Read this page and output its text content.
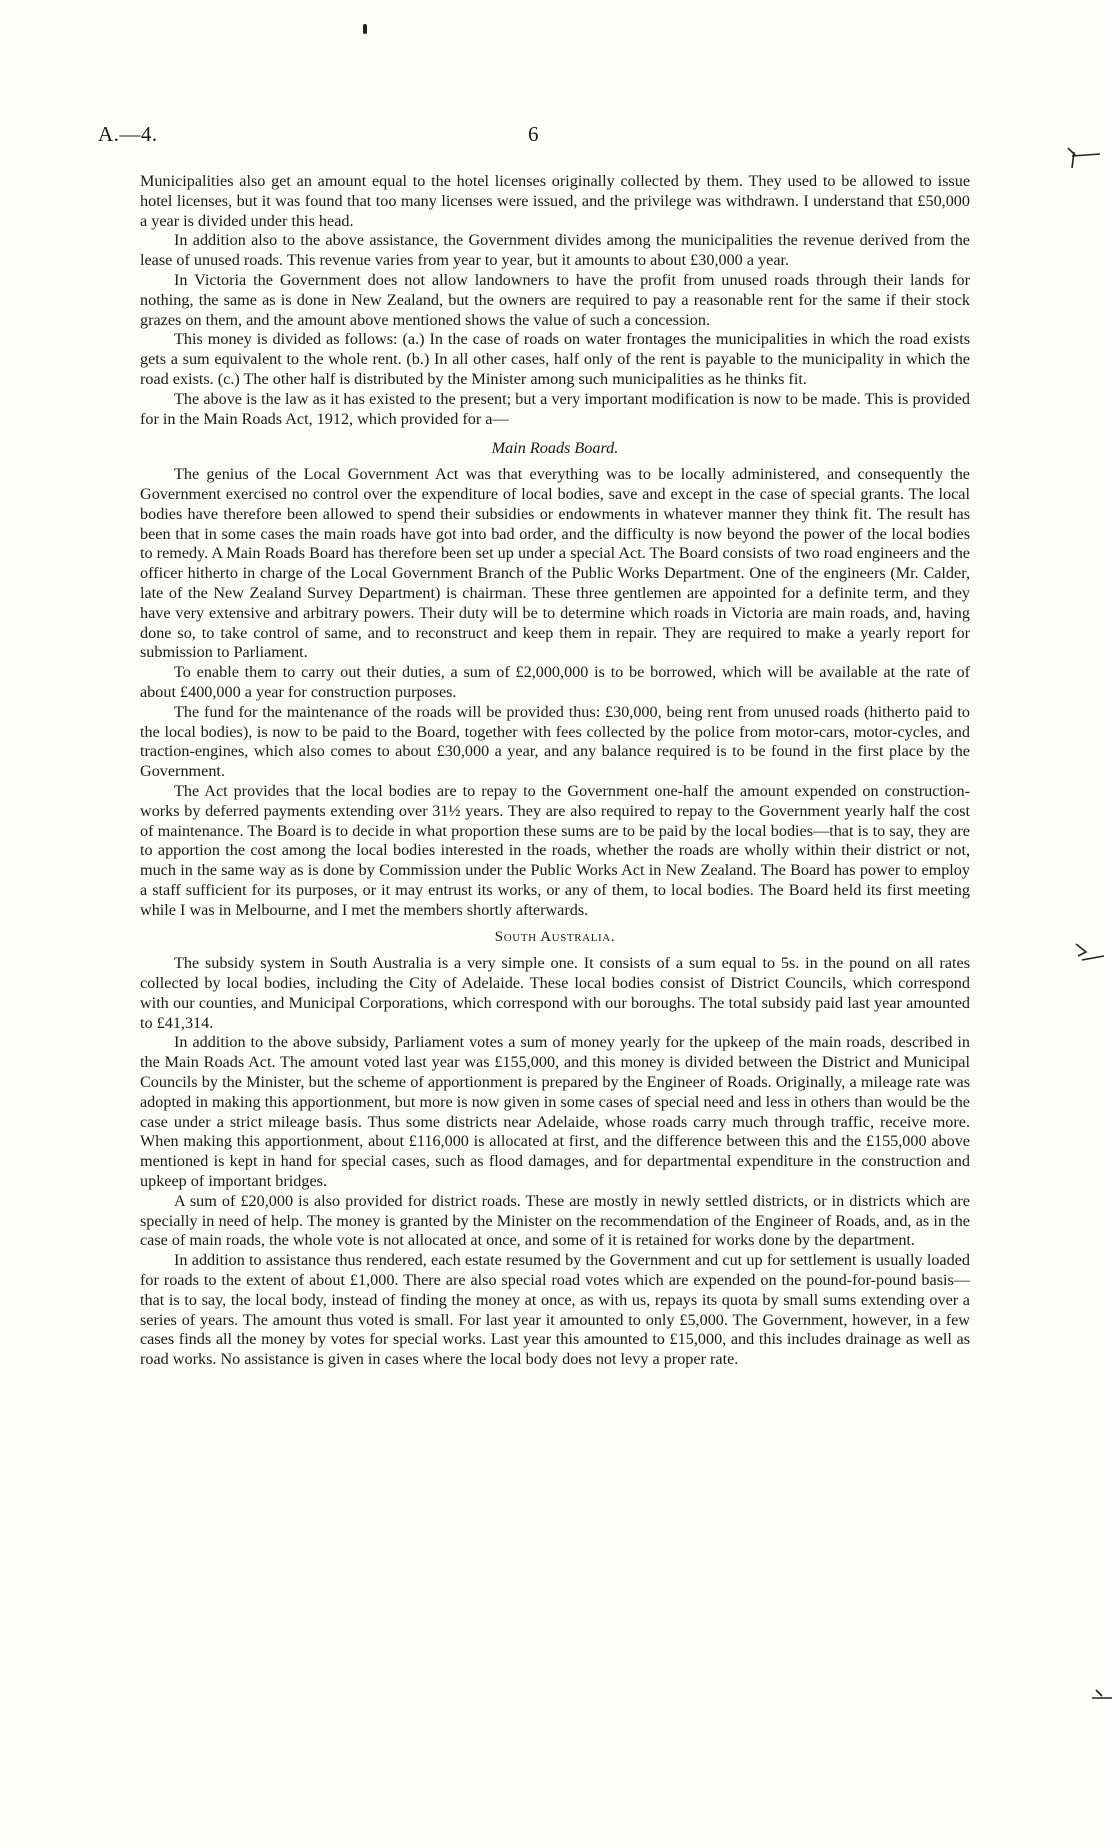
A.—4.	6

Municipalities also get an amount equal to the hotel licenses originally collected by them. They used to be allowed to issue hotel licenses, but it was found that too many licenses were issued, and the privilege was withdrawn. I understand that £50,000 a year is divided under this head.

In addition also to the above assistance, the Government divides among the municipalities the revenue derived from the lease of unused roads. This revenue varies from year to year, but it amounts to about £30,000 a year.

In Victoria the Government does not allow landowners to have the profit from unused roads through their lands for nothing, the same as is done in New Zealand, but the owners are required to pay a reasonable rent for the same if their stock grazes on them, and the amount above mentioned shows the value of such a concession.

This money is divided as follows: (a.) In the case of roads on water frontages the municipalities in which the road exists gets a sum equivalent to the whole rent. (b.) In all other cases, half only of the rent is payable to the municipality in which the road exists. (c.) The other half is distributed by the Minister among such municipalities as he thinks fit.

The above is the law as it has existed to the present; but a very important modification is now to be made. This is provided for in the Main Roads Act, 1912, which provided for a—

Main Roads Board.

The genius of the Local Government Act was that everything was to be locally administered, and consequently the Government exercised no control over the expenditure of local bodies, save and except in the case of special grants. The local bodies have therefore been allowed to spend their subsidies or endowments in whatever manner they think fit. The result has been that in some cases the main roads have got into bad order, and the difficulty is now beyond the power of the local bodies to remedy. A Main Roads Board has therefore been set up under a special Act. The Board consists of two road engineers and the officer hitherto in charge of the Local Government Branch of the Public Works Department. One of the engineers (Mr. Calder, late of the New Zealand Survey Department) is chairman. These three gentlemen are appointed for a definite term, and they have very extensive and arbitrary powers. Their duty will be to determine which roads in Victoria are main roads, and, having done so, to take control of same, and to reconstruct and keep them in repair. They are required to make a yearly report for submission to Parliament.

To enable them to carry out their duties, a sum of £2,000,000 is to be borrowed, which will be available at the rate of about £400,000 a year for construction purposes.

The fund for the maintenance of the roads will be provided thus: £30,000, being rent from unused roads (hitherto paid to the local bodies), is now to be paid to the Board, together with fees collected by the police from motor-cars, motor-cycles, and traction-engines, which also comes to about £30,000 a year, and any balance required is to be found in the first place by the Government.

The Act provides that the local bodies are to repay to the Government one-half the amount expended on construction-works by deferred payments extending over 31½ years. They are also required to repay to the Government yearly half the cost of maintenance. The Board is to decide in what proportion these sums are to be paid by the local bodies—that is to say, they are to apportion the cost among the local bodies interested in the roads, whether the roads are wholly within their district or not, much in the same way as is done by Commission under the Public Works Act in New Zealand. The Board has power to employ a staff sufficient for its purposes, or it may entrust its works, or any of them, to local bodies. The Board held its first meeting while I was in Melbourne, and I met the members shortly afterwards.

South Australia.

The subsidy system in South Australia is a very simple one. It consists of a sum equal to 5s. in the pound on all rates collected by local bodies, including the City of Adelaide. These local bodies consist of District Councils, which correspond with our counties, and Municipal Corporations, which correspond with our boroughs. The total subsidy paid last year amounted to £41,314.

In addition to the above subsidy, Parliament votes a sum of money yearly for the upkeep of the main roads, described in the Main Roads Act. The amount voted last year was £155,000, and this money is divided between the District and Municipal Councils by the Minister, but the scheme of apportionment is prepared by the Engineer of Roads. Originally, a mileage rate was adopted in making this apportionment, but more is now given in some cases of special need and less in others than would be the case under a strict mileage basis. Thus some districts near Adelaide, whose roads carry much through traffic, receive more. When making this apportionment, about £116,000 is allocated at first, and the difference between this and the £155,000 above mentioned is kept in hand for special cases, such as flood damages, and for departmental expenditure in the construction and upkeep of important bridges.

A sum of £20,000 is also provided for district roads. These are mostly in newly settled districts, or in districts which are specially in need of help. The money is granted by the Minister on the recommendation of the Engineer of Roads, and, as in the case of main roads, the whole vote is not allocated at once, and some of it is retained for works done by the department.

In addition to assistance thus rendered, each estate resumed by the Government and cut up for settlement is usually loaded for roads to the extent of about £1,000. There are also special road votes which are expended on the pound-for-pound basis—that is to say, the local body, instead of finding the money at once, as with us, repays its quota by small sums extending over a series of years. The amount thus voted is small. For last year it amounted to only £5,000. The Government, however, in a few cases finds all the money by votes for special works. Last year this amounted to £15,000, and this includes drainage as well as road works. No assistance is given in cases where the local body does not levy a proper rate.
